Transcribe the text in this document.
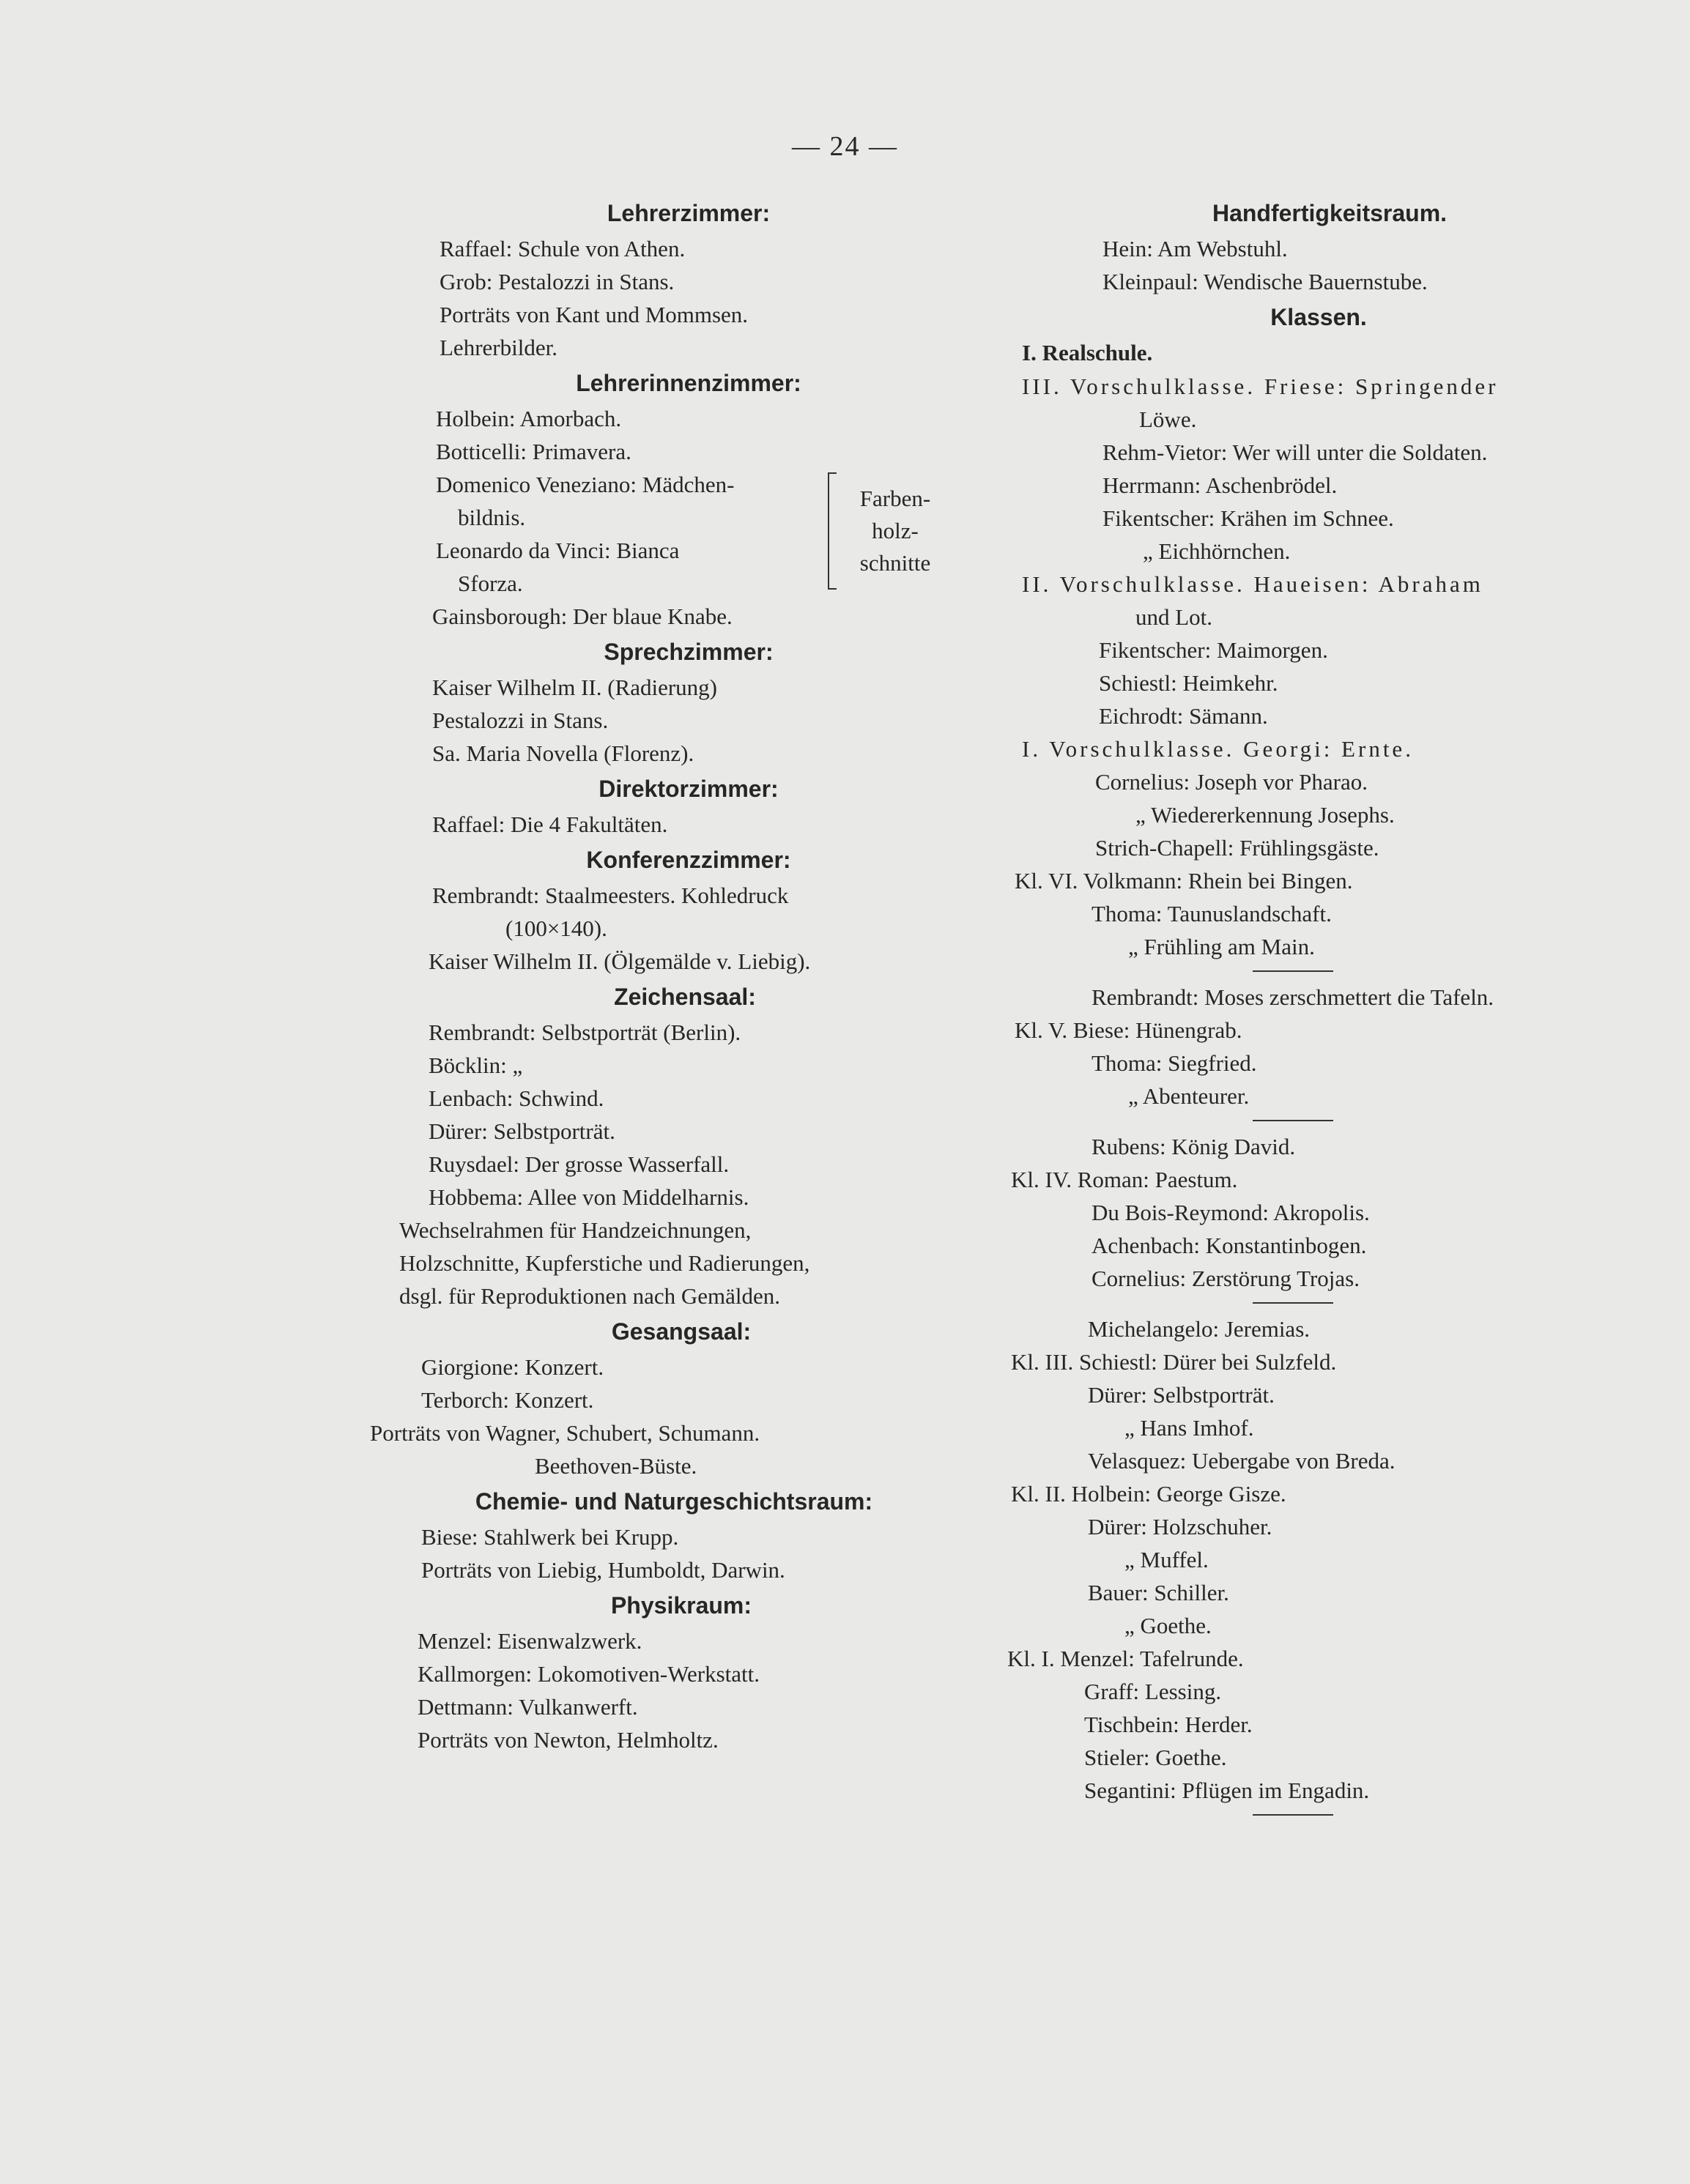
— 24 —
Lehrerzimmer:
Raffael: Schule von Athen.
Grob: Pestalozzi in Stans.
Porträts von Kant und Mommsen.
Lehrerbilder.
Lehrerinnenzimmer:
Holbein: Amorbach.
Botticelli: Primavera.
Domenico Veneziano: Mädchen-
bildnis.
Leonardo da Vinci: Bianca
Sforza.
Farben-
holz-
schnitte
Gainsborough: Der blaue Knabe.
Sprechzimmer:
Kaiser Wilhelm II. (Radierung)
Pestalozzi in Stans.
Sa. Maria Novella (Florenz).
Direktorzimmer:
Raffael: Die 4 Fakultäten.
Konferenzzimmer:
Rembrandt: Staalmeesters. Kohledruck
(100×140).
Kaiser Wilhelm II. (Ölgemälde v. Liebig).
Zeichensaal:
Rembrandt: Selbstporträt (Berlin).
Böcklin: „
Lenbach: Schwind.
Dürer: Selbstporträt.
Ruysdael: Der grosse Wasserfall.
Hobbema: Allee von Middelharnis.
Wechselrahmen für Handzeichnungen,
Holzschnitte, Kupferstiche und Radierungen,
dsgl. für Reproduktionen nach Gemälden.
Gesangsaal:
Giorgione: Konzert.
Terborch: Konzert.
Porträts von Wagner, Schubert, Schumann.
Beethoven-Büste.
Chemie- und Naturgeschichtsraum:
Biese: Stahlwerk bei Krupp.
Porträts von Liebig, Humboldt, Darwin.
Physikraum:
Menzel: Eisenwalzwerk.
Kallmorgen: Lokomotiven-Werkstatt.
Dettmann: Vulkanwerft.
Porträts von Newton, Helmholtz.
Handfertigkeitsraum.
Hein: Am Webstuhl.
Kleinpaul: Wendische Bauernstube.
Klassen.
I. Realschule.
III. Vorschulklasse. Friese: Springender
Löwe.
Rehm-Vietor: Wer will unter die Soldaten.
Herrmann: Aschenbrödel.
Fikentscher: Krähen im Schnee.
„ Eichhörnchen.
II. Vorschulklasse. Haueisen: Abraham
und Lot.
Fikentscher: Maimorgen.
Schiestl: Heimkehr.
Eichrodt: Sämann.
I. Vorschulklasse. Georgi: Ernte.
Cornelius: Joseph vor Pharao.
„ Wiedererkennung Josephs.
Strich-Chapell: Frühlingsgäste.
Kl. VI. Volkmann: Rhein bei Bingen.
Thoma: Taunuslandschaft.
„ Frühling am Main.
Rembrandt: Moses zerschmettert die Tafeln.
Kl. V. Biese: Hünengrab.
Thoma: Siegfried.
„ Abenteurer.
Rubens: König David.
Kl. IV. Roman: Paestum.
Du Bois-Reymond: Akropolis.
Achenbach: Konstantinbogen.
Cornelius: Zerstörung Trojas.
Michelangelo: Jeremias.
Kl. III. Schiestl: Dürer bei Sulzfeld.
Dürer: Selbstporträt.
„ Hans Imhof.
Velasquez: Uebergabe von Breda.
Kl. II. Holbein: George Gisze.
Dürer: Holzschuher.
„ Muffel.
Bauer: Schiller.
„ Goethe.
Kl. I. Menzel: Tafelrunde.
Graff: Lessing.
Tischbein: Herder.
Stieler: Goethe.
Segantini: Pflügen im Engadin.
